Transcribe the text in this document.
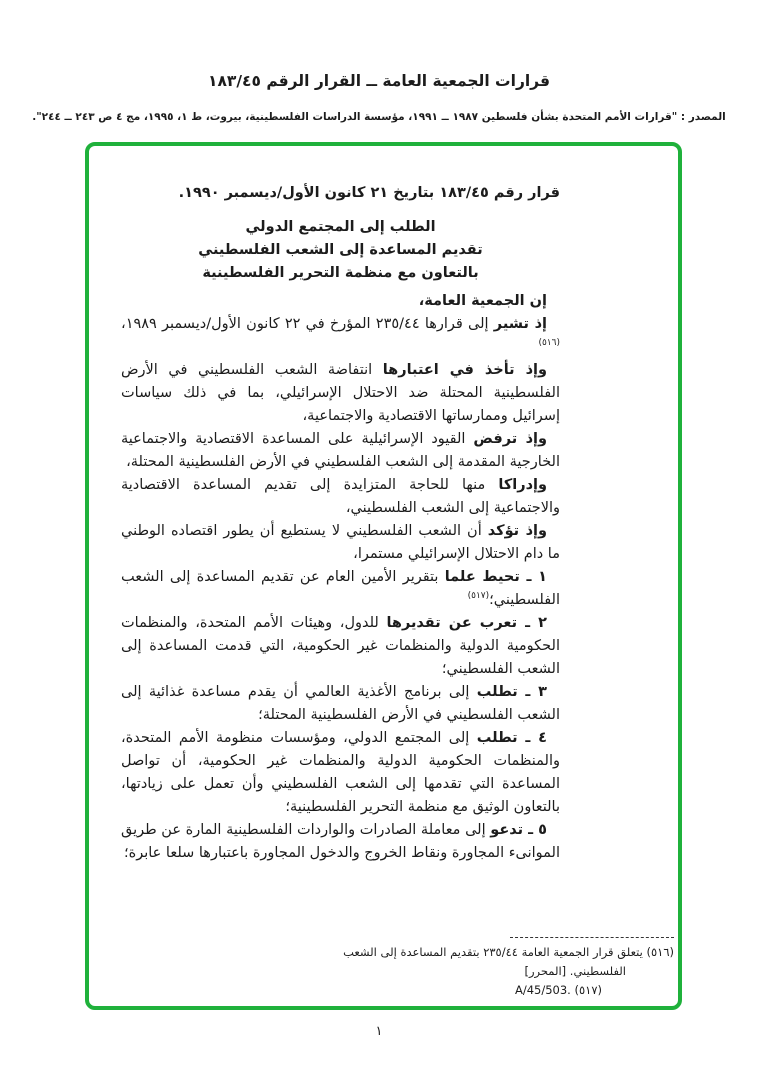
قرارات الجمعية العامة ــ القرار الرقم ١٨٣/٤٥
المصدر : "قرارات الأمم المتحدة بشأن فلسطين ١٩٨٧ ــ ١٩٩١، مؤسسة الدراسات الفلسطينية، بيروت، ط ١، ١٩٩٥، مج ٤ ص ٢٤٣ ــ ٢٤٤".

قرار رقم ١٨٣/٤٥ بتاريخ ٢١ كانون الأول/ديسمبر ١٩٩٠.

الطلب إلى المجتمع الدولي
تقديم المساعدة إلى الشعب الفلسطيني
بالتعاون مع منظمة التحرير الفلسطينية

إن الجمعية العامة،

إذ تشير إلى قرارها ٢٣٥/٤٤ المؤرخ في ٢٢ كانون الأول/ديسمبر ١٩٨٩،$^{(٥١٦)}$

وإذ تأخذ في اعتبارها انتفاضة الشعب الفلسطيني في الأرض الفلسطينية المحتلة ضد الاحتلال الإسرائيلي، بما في ذلك سياسات إسرائيل وممارساتها الاقتصادية والاجتماعية،

وإذ ترفض القيود الإسرائيلية على المساعدة الاقتصادية والاجتماعية الخارجية المقدمة إلى الشعب الفلسطيني في الأرض الفلسطينية المحتلة،

وإدراكا منها للحاجة المتزايدة إلى تقديم المساعدة الاقتصادية والاجتماعية إلى الشعب الفلسطيني،

وإذ تؤكد أن الشعب الفلسطيني لا يستطيع أن يطور اقتصاده الوطني ما دام الاحتلال الإسرائيلي مستمرا،

١ ـ تحيط علما بتقرير الأمين العام عن تقديم المساعدة إلى الشعب الفلسطيني؛$^{(٥١٧)}$

٢ ـ تعرب عن تقديرها للدول، وهيئات الأمم المتحدة، والمنظمات الحكومية الدولية والمنظمات غير الحكومية، التي قدمت المساعدة إلى الشعب الفلسطيني؛

٣ ـ تطلب إلى برنامج الأغذية العالمي أن يقدم مساعدة غذائية إلى الشعب الفلسطيني في الأرض الفلسطينية المحتلة؛

٤ ـ تطلب إلى المجتمع الدولي، ومؤسسات منظومة الأمم المتحدة، والمنظمات الحكومية الدولية والمنظمات غير الحكومية، أن تواصل المساعدة التي تقدمها إلى الشعب الفلسطيني وأن تعمل على زيادتها، بالتعاون الوثيق مع منظمة التحرير الفلسطينية؛

٥ ـ تدعو إلى معاملة الصادرات والواردات الفلسطينية المارة عن طريق الموانىء المجاورة ونقاط الخروج والدخول المجاورة باعتبارها سلعا عابرة؛

(٥١٦) يتعلق قرار الجمعية العامة ٢٣٥/٤٤ بتقديم المساعدة إلى الشعب
الفلسطيني. [المحرر]
(٥١٧) A/45/503.
١
